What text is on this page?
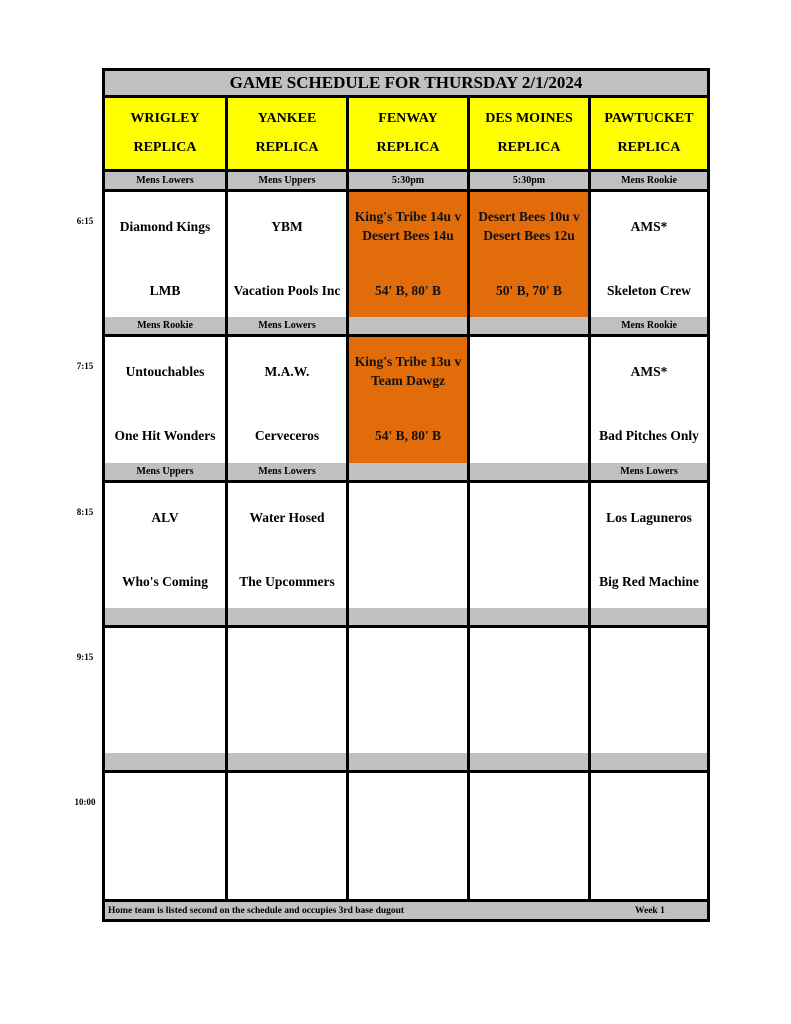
GAME SCHEDULE FOR THURSDAY 2/1/2024
WRIGLEY
REPLICA
YANKEE
REPLICA
FENWAY
REPLICA
DES MOINES
REPLICA
PAWTUCKET
REPLICA
Home team is listed second on the schedule and occupies 3rd base dugout	Week 1
Mens Lowers
Diamond Kings
LMB
Mens Uppers
YBM
Vacation Pools Inc
5:30pm
King's Tribe 14u v Desert Bees 14u
54' B, 80' B
5:30pm
Desert Bees 10u v Desert Bees 12u
50' B, 70' B
Mens Rookie
AMS*
Skeleton Crew
Mens Rookie
Untouchables
One Hit Wonders
Mens Lowers
M.A.W.
Cerveceros
King's Tribe 13u v Team Dawgz
54' B, 80' B
Mens Rookie
AMS*
Bad Pitches Only
Mens Uppers
ALV
Who's Coming
Mens Lowers
Water Hosed
The Upcommers
Mens Lowers
Los Laguneros
Big Red Machine
6:15
7:15
8:15
9:15
10:00
